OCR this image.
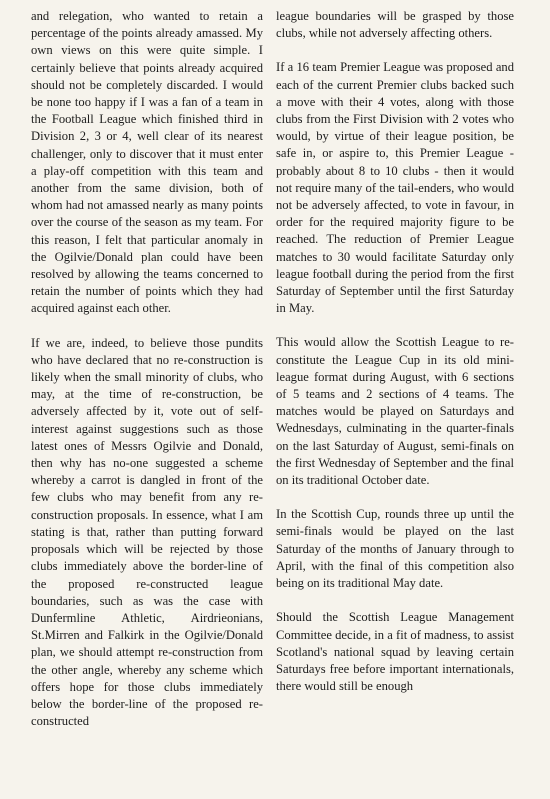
and relegation, who wanted to retain a percentage of the points already amassed. My own views on this were quite simple. I certainly believe that points already acquired should not be completely discarded. I would be none too happy if I was a fan of a team in the Football League which finished third in Division 2, 3 or 4, well clear of its nearest challenger, only to discover that it must enter a play-off competition with this team and another from the same division, both of whom had not amassed nearly as many points over the course of the season as my team. For this reason, I felt that particular anomaly in the Ogilvie/Donald plan could have been resolved by allowing the teams concerned to retain the number of points which they had acquired against each other.

If we are, indeed, to believe those pundits who have declared that no re-construction is likely when the small minority of clubs, who may, at the time of re-construction, be adversely affected by it, vote out of self-interest against suggestions such as those latest ones of Messrs Ogilvie and Donald, then why has no-one suggested a scheme whereby a carrot is dangled in front of the few clubs who may benefit from any re-construction proposals. In essence, what I am stating is that, rather than putting forward proposals which will be rejected by those clubs immediately above the border-line of the proposed re-constructed league boundaries, such as was the case with Dunfermline Athletic, Airdrieonians, St.Mirren and Falkirk in the Ogilvie/Donald plan, we should attempt re-construction from the other angle, whereby any scheme which offers hope for those clubs immediately below the border-line of the proposed re-constructed

league boundaries will be grasped by those clubs, while not adversely affecting others.

If a 16 team Premier League was proposed and each of the current Premier clubs backed such a move with their 4 votes, along with those clubs from the First Division with 2 votes who would, by virtue of their league position, be safe in, or aspire to, this Premier League - probably about 8 to 10 clubs - then it would not require many of the tail-enders, who would not be adversely affected, to vote in favour, in order for the required majority figure to be reached. The reduction of Premier League matches to 30 would facilitate Saturday only league football during the period from the first Saturday of September until the first Saturday in May.

This would allow the Scottish League to re-constitute the League Cup in its old mini-league format during August, with 6 sections of 5 teams and 2 sections of 4 teams. The matches would be played on Saturdays and Wednesdays, culminating in the quarter-finals on the last Saturday of August, semi-finals on the first Wednesday of September and the final on its traditional October date.

In the Scottish Cup, rounds three up until the semi-finals would be played on the last Saturday of the months of January through to April, with the final of this competition also being on its traditional May date.

Should the Scottish League Management Committee decide, in a fit of madness, to assist Scotland's national squad by leaving certain Saturdays free before important internationals, there would still be enough
